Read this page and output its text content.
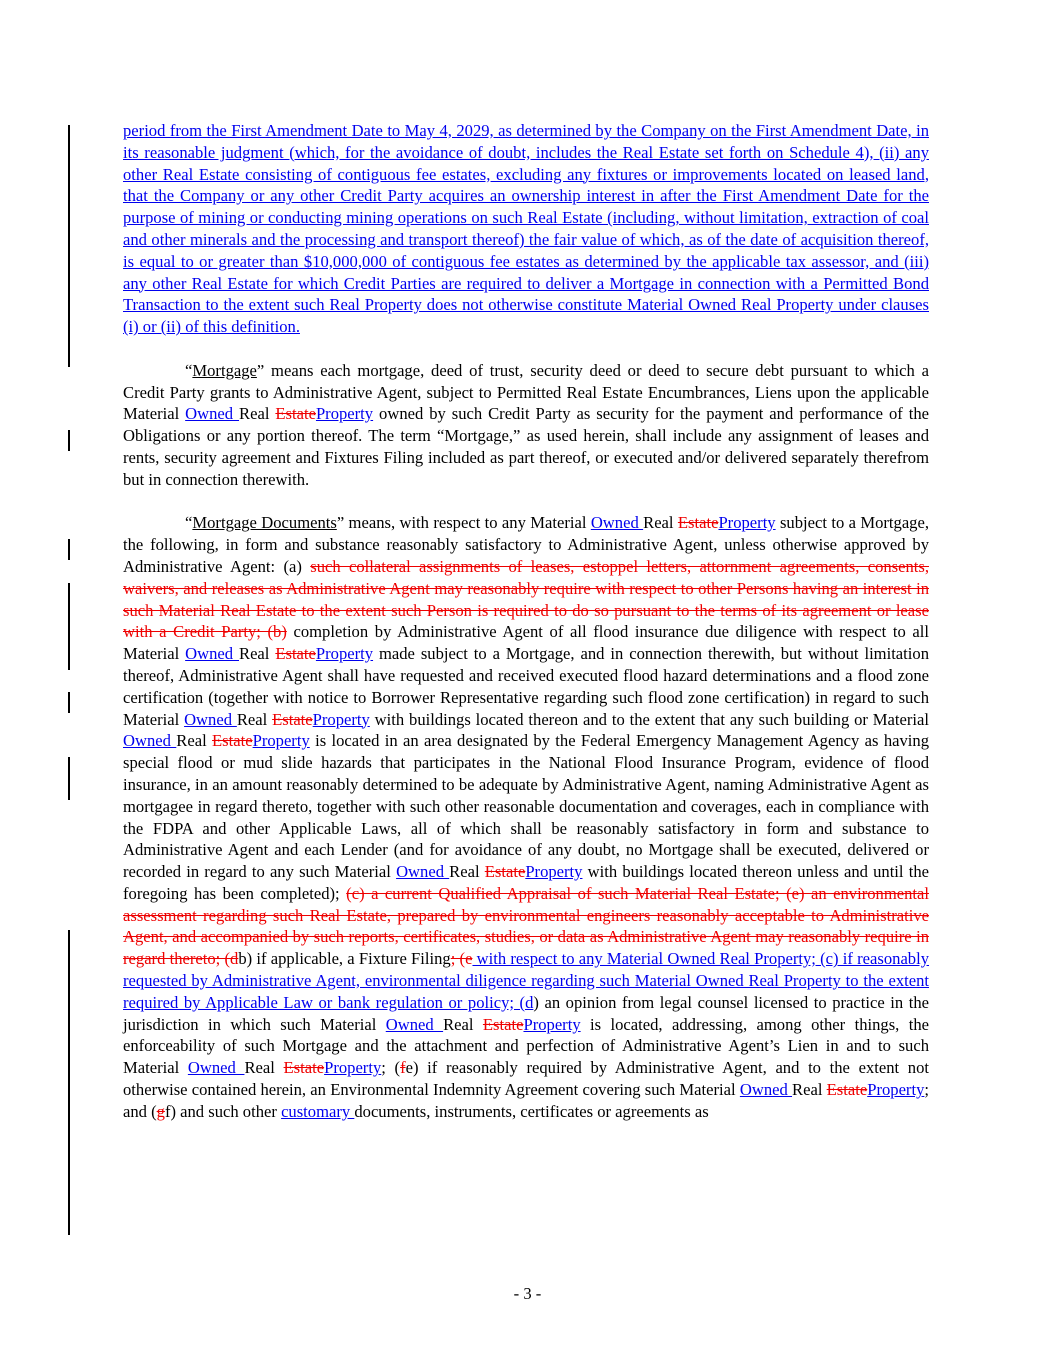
period from the First Amendment Date to May 4, 2029, as determined by the Company on the First Amendment Date, in its reasonable judgment (which, for the avoidance of doubt, includes the Real Estate set forth on Schedule 4), (ii) any other Real Estate consisting of contiguous fee estates, excluding any fixtures or improvements located on leased land, that the Company or any other Credit Party acquires an ownership interest in after the First Amendment Date for the purpose of mining or conducting mining operations on such Real Estate (including, without limitation, extraction of coal and other minerals and the processing and transport thereof) the fair value of which, as of the date of acquisition thereof, is equal to or greater than $10,000,000 of contiguous fee estates as determined by the applicable tax assessor, and (iii) any other Real Estate for which Credit Parties are required to deliver a Mortgage in connection with a Permitted Bond Transaction to the extent such Real Property does not otherwise constitute Material Owned Real Property under clauses (i) or (ii) of this definition.

“Mortgage” means each mortgage, deed of trust, security deed or deed to secure debt pursuant to which a Credit Party grants to Administrative Agent, subject to Permitted Real Estate Encumbrances, Liens upon the applicable Material Owned Real EstateProperty owned by such Credit Party as security for the payment and performance of the Obligations or any portion thereof. The term “Mortgage,” as used herein, shall include any assignment of leases and rents, security agreement and Fixtures Filing included as part thereof, or executed and/or delivered separately therefrom but in connection therewith.

“Mortgage Documents” means, with respect to any Material Owned Real EstateProperty subject to a Mortgage, the following, in form and substance reasonably satisfactory to Administrative Agent, unless otherwise approved by Administrative Agent: (a) such collateral assignments of leases, estoppel letters, attornment agreements, consents, waivers, and releases as Administrative Agent may reasonably require with respect to other Persons having an interest in such Material Real Estate to the extent such Person is required to do so pursuant to the terms of its agreement or lease with a Credit Party; (b) completion by Administrative Agent of all flood insurance due diligence with respect to all Material Owned Real EstateProperty made subject to a Mortgage, and in connection therewith, but without limitation thereof, Administrative Agent shall have requested and received executed flood hazard determinations and a flood zone certification (together with notice to Borrower Representative regarding such flood zone certification) in regard to such Material Owned Real EstateProperty with buildings located thereon and to the extent that any such building or Material Owned Real EstateProperty is located in an area designated by the Federal Emergency Management Agency as having special flood or mud slide hazards that participates in the National Flood Insurance Program, evidence of flood insurance, in an amount reasonably determined to be adequate by Administrative Agent, naming Administrative Agent as mortgagee in regard thereto, together with such other reasonable documentation and coverages, each in compliance with the FDPA and other Applicable Laws, all of which shall be reasonably satisfactory in form and substance to Administrative Agent and each Lender (and for avoidance of any doubt, no Mortgage shall be executed, delivered or recorded in regard to any such Material Owned Real EstateProperty with buildings located thereon unless and until the foregoing has been completed); (c) a current Qualified Appraisal of such Material Real Estate; (e) an environmental assessment regarding such Real Estate, prepared by environmental engineers reasonably acceptable to Administrative Agent, and accompanied by such reports, certificates, studies, or data as Administrative Agent may reasonably require in regard thereto; (db) if applicable, a Fixture Filing; (e with respect to any Material Owned Real Property; (c) if reasonably requested by Administrative Agent, environmental diligence regarding such Material Owned Real Property to the extent required by Applicable Law or bank regulation or policy; (d) an opinion from legal counsel licensed to practice in the jurisdiction in which such Material Owned Real EstateProperty is located, addressing, among other things, the enforceability of such Mortgage and the attachment and perfection of Administrative Agent’s Lien in and to such Material Owned Real EstateProperty; (fe) if reasonably required by Administrative Agent, and to the extent not otherwise contained herein, an Environmental Indemnity Agreement covering such Material Owned Real EstateProperty; and (gf) and such other customary documents, instruments, certificates or agreements as

- 3 -
